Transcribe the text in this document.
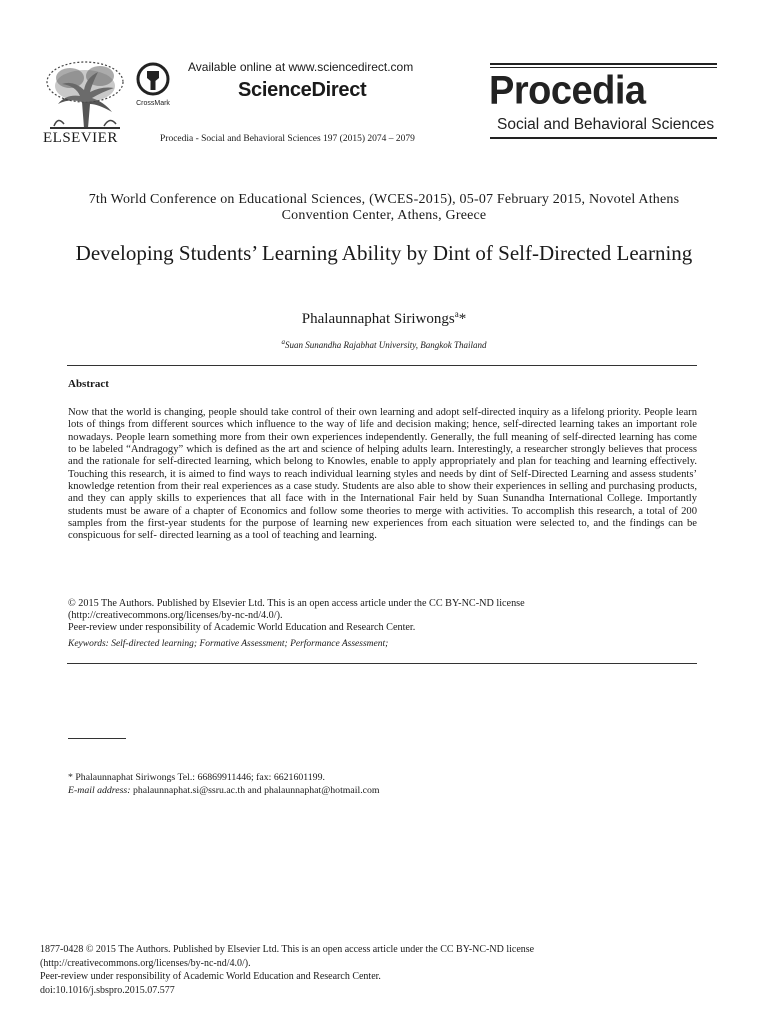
ELSEVIER
CrossMark
Available online at www.sciencedirect.com
ScienceDirect
Procedia - Social and Behavioral Sciences 197 (2015) 2074 – 2079
Procedia
Social and Behavioral Sciences
7th World Conference on Educational Sciences, (WCES-2015), 05-07 February 2015, Novotel Athens Convention Center, Athens, Greece
Developing Students’ Learning Ability by Dint of Self-Directed Learning
Phalaunnaphat Siriwongs$^a$*
$^a$Suan Sunandha Rajabhat University, Bangkok Thailand
Abstract
Now that the world is changing, people should take control of their own learning and adopt self-directed inquiry as a lifelong priority. People learn lots of things from different sources which influence to the way of life and decision making; hence, self-directed learning takes an important role nowadays. People learn something more from their own experiences independently. Generally, the full meaning of self-directed learning has come to be labeled “Andragogy” which is defined as the art and science of helping adults learn. Interestingly, a researcher strongly believes that process and the rationale for self-directed learning, which belong to Knowles, enable to apply appropriately and plan for teaching and learning effectively. Touching this research, it is aimed to find ways to reach individual learning styles and needs by dint of Self-Directed Learning and assess students’ knowledge retention from their real experiences as a case study. Students are also able to show their experiences in selling and purchasing products, and they can apply skills to experiences that all face with in the International Fair held by Suan Sunandha International College. Importantly students must be aware of a chapter of Economics and follow some theories to merge with activities. To accomplish this research, a total of 200 samples from the first-year students for the purpose of learning new experiences from each situation were selected to, and the findings can be conspicuous for self- directed learning as a tool of teaching and learning.
© 2015 The Authors. Published by Elsevier Ltd. This is an open access article under the CC BY-NC-ND license
(http://creativecommons.org/licenses/by-nc-nd/4.0/).
Peer-review under responsibility of Academic World Education and Research Center.
Keywords: Self-directed learning; Formative Assessment; Performance Assessment;
* Phalaunnaphat Siriwongs Tel.: 66869911446; fax: 6621601199.
E-mail address: phalaunnaphat.si@ssru.ac.th and phalaunnaphat@hotmail.com
1877-0428 © 2015 The Authors. Published by Elsevier Ltd. This is an open access article under the CC BY-NC-ND license
(http://creativecommons.org/licenses/by-nc-nd/4.0/).
Peer-review under responsibility of Academic World Education and Research Center.
doi:10.1016/j.sbspro.2015.07.577
